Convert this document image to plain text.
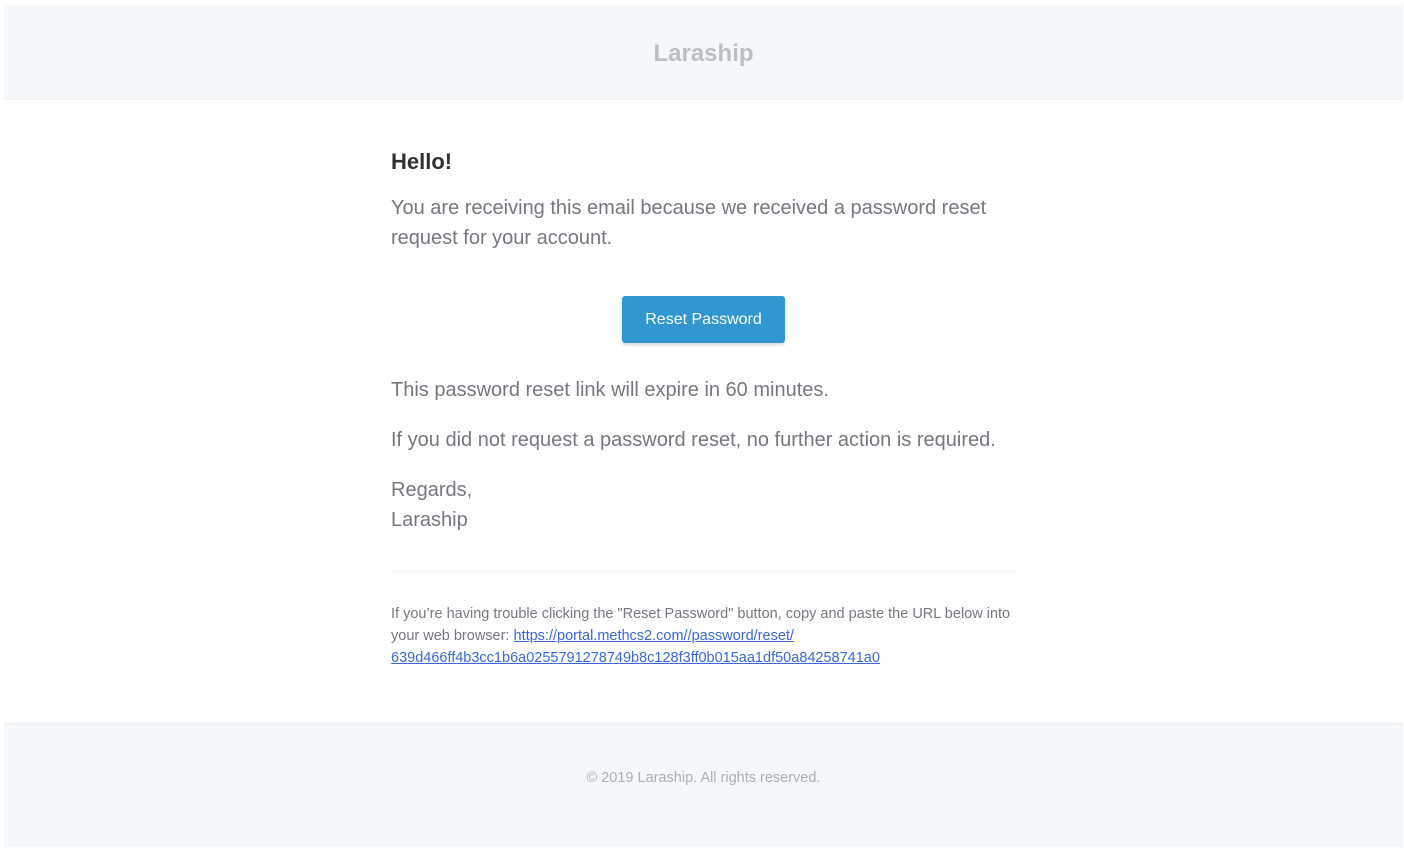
Laraship
Hello!

You are receiving this email because we received a password reset request for your account.

Reset Password

This password reset link will expire in 60 minutes.

If you did not request a password reset, no further action is required.

Regards,
Laraship

If you’re having trouble clicking the "Reset Password" button, copy and paste the URL below into your web browser: https://portal.methcs2.com//password/reset/
639d466ff4b3cc1b6a0255791278749b8c128f3ff0b015aa1df50a84258741a0

© 2019 Laraship. All rights reserved.
